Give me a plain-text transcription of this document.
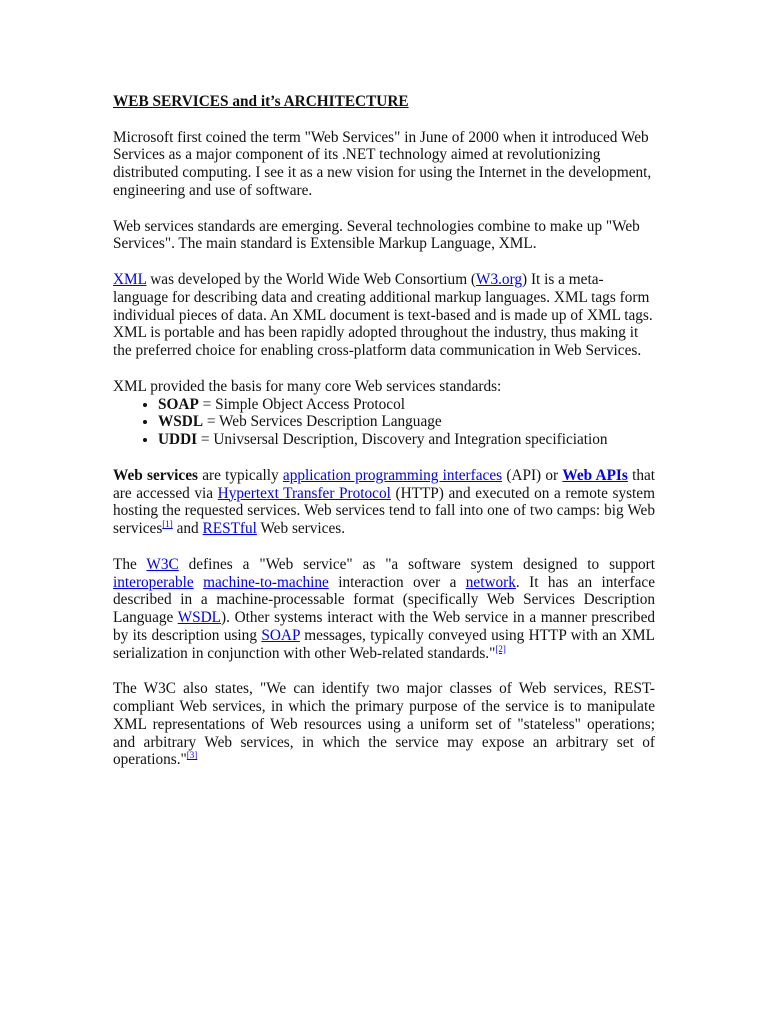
WEB SERVICES and it’s ARCHITECTURE

Microsoft first coined the term "Web Services" in June of 2000 when it introduced Web Services as a major component of its .NET technology aimed at revolutionizing distributed computing. I see it as a new vision for using the Internet in the development, engineering and use of software.

Web services standards are emerging. Several technologies combine to make up "Web Services". The main standard is Extensible Markup Language, XML.

XML was developed by the World Wide Web Consortium (W3.org) It is a meta-language for describing data and creating additional markup languages. XML tags form individual pieces of data. An XML document is text-based and is made up of XML tags. XML is portable and has been rapidly adopted throughout the industry, thus making it the preferred choice for enabling cross-platform data communication in Web Services.

XML provided the basis for many core Web services standards:
• SOAP = Simple Object Access Protocol
• WSDL = Web Services Description Language
• UDDI = Univsersal Description, Discovery and Integration specificiation

Web services are typically application programming interfaces (API) or Web APIs that are accessed via Hypertext Transfer Protocol (HTTP) and executed on a remote system hosting the requested services. Web services tend to fall into one of two camps: big Web services[1] and RESTful Web services.

The W3C defines a "Web service" as "a software system designed to support interoperable machine-to-machine interaction over a network. It has an interface described in a machine-processable format (specifically Web Services Description Language WSDL). Other systems interact with the Web service in a manner prescribed by its description using SOAP messages, typically conveyed using HTTP with an XML serialization in conjunction with other Web-related standards."[2]

The W3C also states, "We can identify two major classes of Web services, REST-compliant Web services, in which the primary purpose of the service is to manipulate XML representations of Web resources using a uniform set of "stateless" operations; and arbitrary Web services, in which the service may expose an arbitrary set of operations."[3]
